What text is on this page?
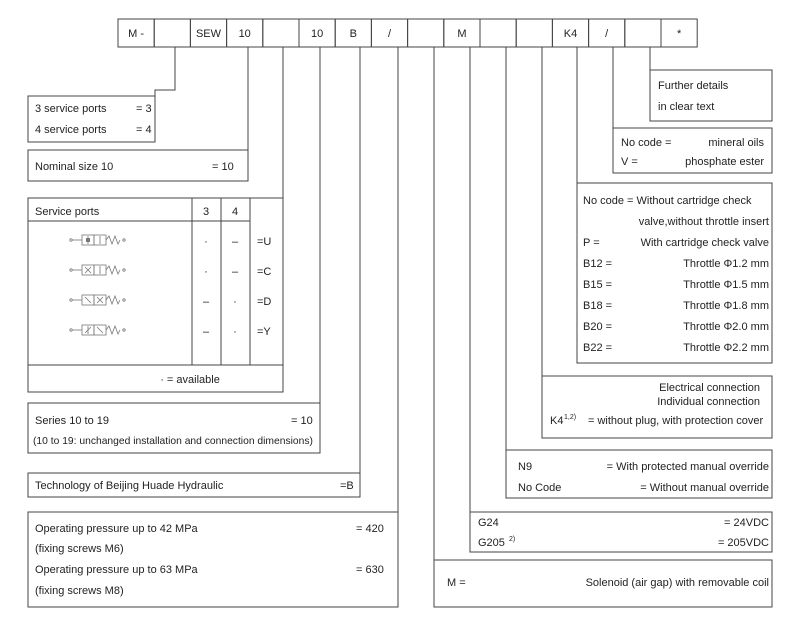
M -	SEW 10	10 B	/	M	K4	/	*
Further details
in clear text
No code =	mineral oils
V =	phosphate ester
No code = Without cartridge check
valve,without throttle insert
P =	With cartridge check valve
B12 =	Throttle Φ1.2 mm
B15 =	Throttle Φ1.5 mm
B18 =	Throttle Φ1.8 mm
B20 =	Throttle Φ2.0 mm
B22 =	Throttle Φ2.2 mm
Electrical connection
Individual connection
K4 1,2) = without plug, with protection cover
N9	= With protected manual override
No Code	= Without manual override
G24	= 24VDC
G205 2)	= 205VDC
M =	Solenoid (air gap) with removable coil
3 service ports	= 3
4 service ports	= 4
Nominal size 10	= 10
Service ports	3 4
· – =U
· – =C
– · =D
– · =Y
· = available
Series 10 to 19	= 10
(10 to 19: unchanged installation and connection dimensions)
Technology of Beijing Huade Hydraulic	=B
Operating pressure up to 42 MPa	= 420
(fixing screws M6)
Operating pressure up to 63 MPa	= 630
(fixing screws M8)
